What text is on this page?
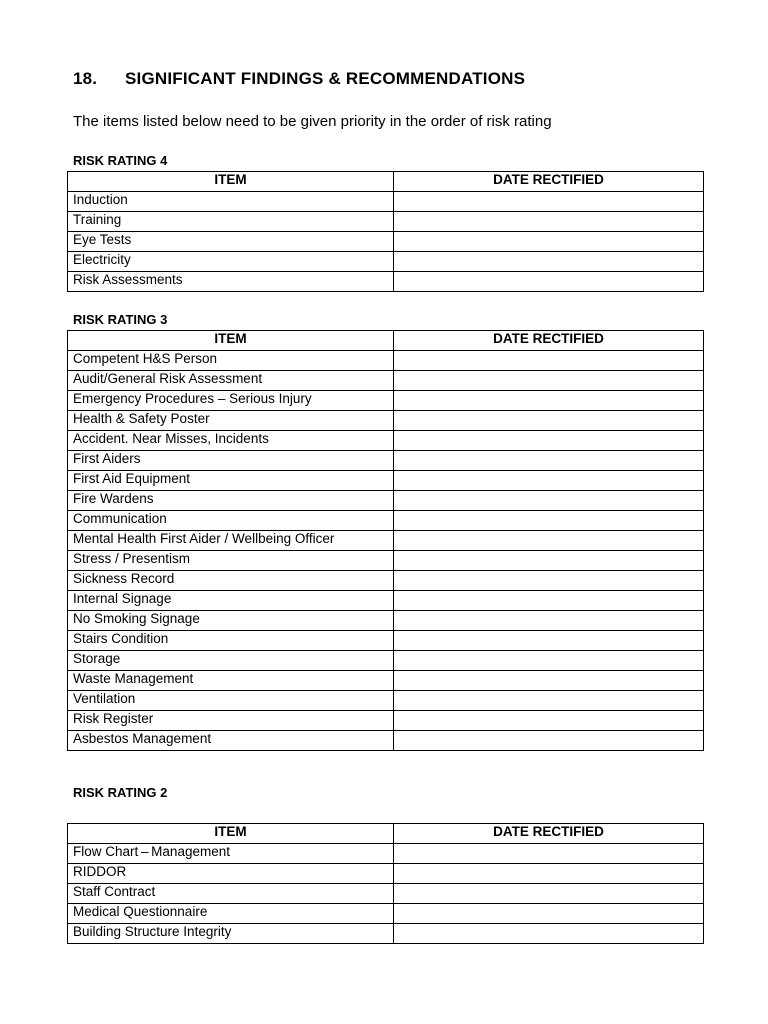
18. SIGNIFICANT FINDINGS & RECOMMENDATIONS
The items listed below need to be given priority in the order of risk rating
RISK RATING 4
ITEM	DATE RECTIFIED
Induction	
Training	
Eye Tests	
Electricity	
Risk Assessments	
RISK RATING 3
ITEM	DATE RECTIFIED
Competent H&S Person	
Audit/General Risk Assessment	
Emergency Procedures – Serious Injury	
Health & Safety Poster	
Accident. Near Misses, Incidents	
First Aiders	
First Aid Equipment	
Fire Wardens	
Communication	
Mental Health First Aider / Wellbeing Officer	
Stress / Presentism	
Sickness Record	
Internal Signage	
No Smoking Signage	
Stairs Condition	
Storage	
Waste Management	
Ventilation	
Risk Register	
Asbestos Management	
RISK RATING 2
ITEM	DATE RECTIFIED
Flow Chart – Management	
RIDDOR	
Staff Contract	
Medical Questionnaire	
Building Structure Integrity	
